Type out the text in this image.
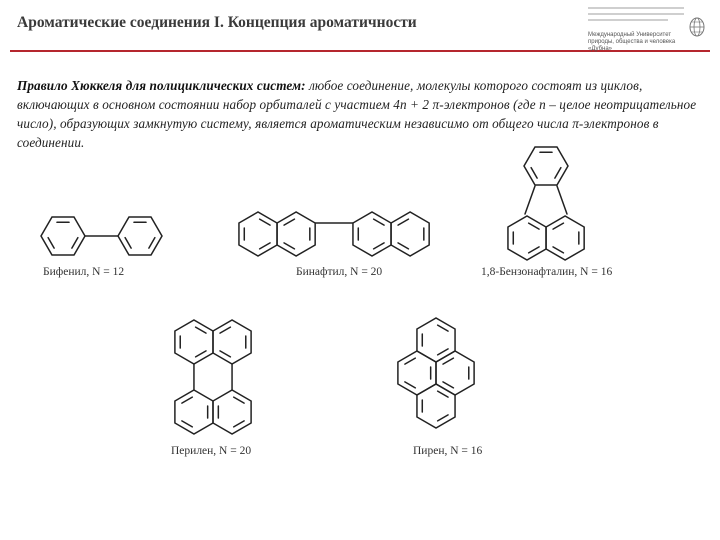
Ароматические соединения I. Концепция ароматичности
Международный Университет
природы, общества и человека
«Дубна»
Правило Хюккеля для полициклических систем: любое соединение, молекулы которого состоят из циклов, включающих в основном состоянии набор орбиталей с участием 4n + 2 π-электронов (где n – целое неотрицательное число), образующих замкнутую систему, является ароматическим независимо от общего числа π-электронов в соединении.
Бифенил, N = 12	Бинафтил, N = 20	1,8-Бензонафталин, N = 16
Перилен, N = 20	Пирен, N = 16
